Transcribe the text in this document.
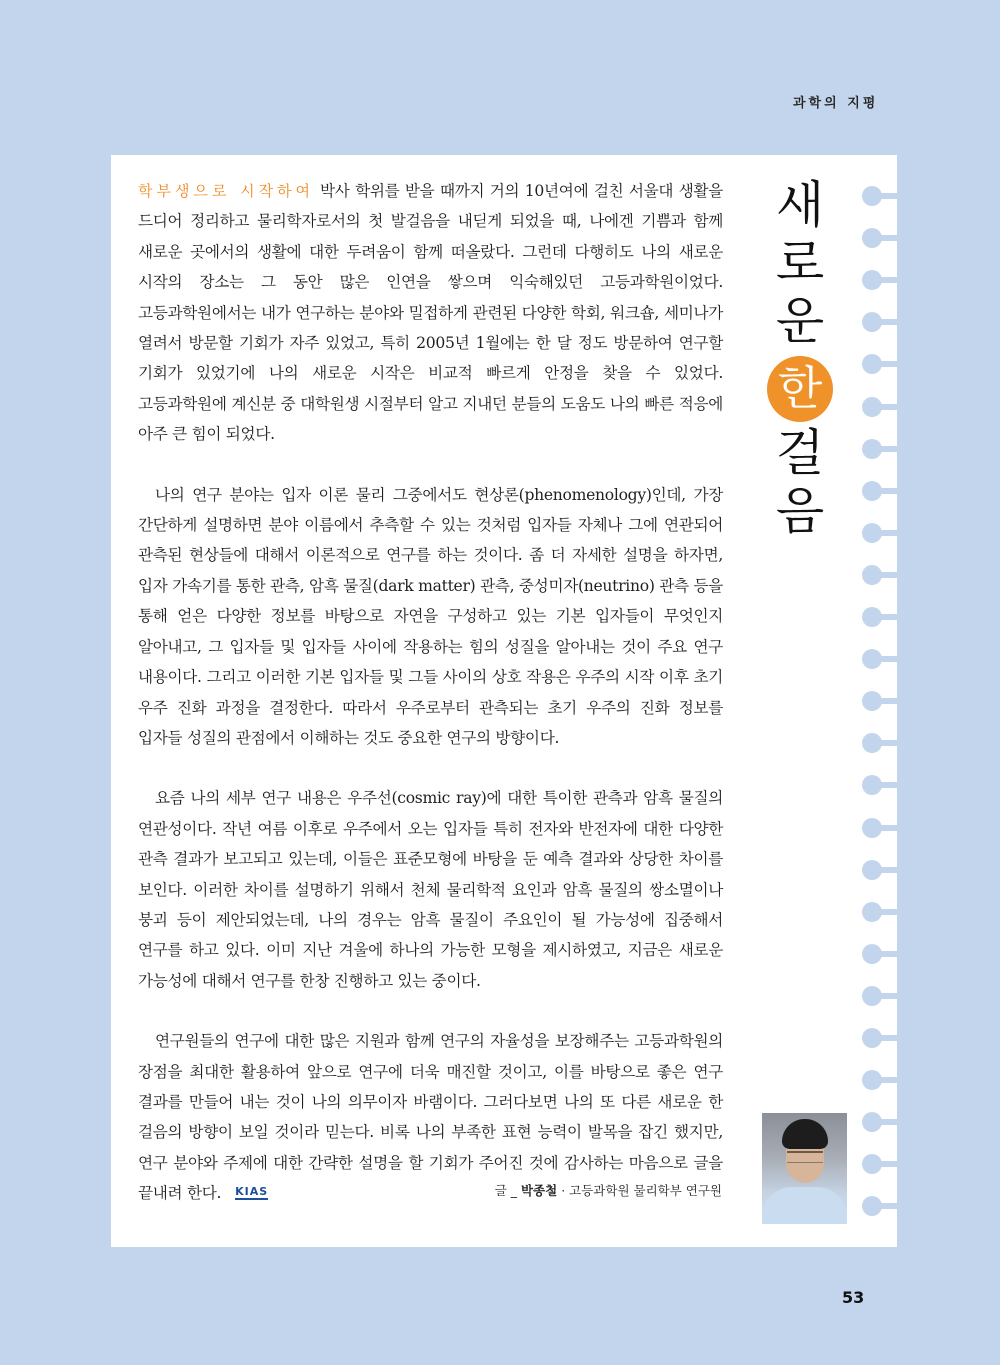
과학의 지평

학부생으로 시작하여 박사 학위를 받을 때까지 거의 10년여에 걸친 서울대 생활을 드디어 정리하고 물리학자로서의 첫 발걸음을 내딛게 되었을 때, 나에겐 기쁨과 함께 새로운 곳에서의 생활에 대한 두려움이 함께 떠올랐다. 그런데 다행히도 나의 새로운 시작의 장소는 그 동안 많은 인연을 쌓으며 익숙해있던 고등과학원이었다. 고등과학원에서는 내가 연구하는 분야와 밀접하게 관련된 다양한 학회, 워크숍, 세미나가 열려서 방문할 기회가 자주 있었고, 특히 2005년 1월에는 한 달 정도 방문하여 연구할 기회가 있었기에 나의 새로운 시작은 비교적 빠르게 안정을 찾을 수 있었다. 고등과학원에 계신분 중 대학원생 시절부터 알고 지내던 분들의 도움도 나의 빠른 적응에 아주 큰 힘이 되었다.

나의 연구 분야는 입자 이론 물리 그중에서도 현상론(phenomenology)인데, 가장 간단하게 설명하면 분야 이름에서 추측할 수 있는 것처럼 입자들 자체나 그에 연관되어 관측된 현상들에 대해서 이론적으로 연구를 하는 것이다. 좀 더 자세한 설명을 하자면, 입자 가속기를 통한 관측, 암흑 물질(dark matter) 관측, 중성미자(neutrino) 관측 등을 통해 얻은 다양한 정보를 바탕으로 자연을 구성하고 있는 기본 입자들이 무엇인지 알아내고, 그 입자들 및 입자들 사이에 작용하는 힘의 성질을 알아내는 것이 주요 연구 내용이다. 그리고 이러한 기본 입자들 및 그들 사이의 상호 작용은 우주의 시작 이후 초기 우주 진화 과정을 결정한다. 따라서 우주로부터 관측되는 초기 우주의 진화 정보를 입자들 성질의 관점에서 이해하는 것도 중요한 연구의 방향이다.

요즘 나의 세부 연구 내용은 우주선(cosmic ray)에 대한 특이한 관측과 암흑 물질의 연관성이다. 작년 여름 이후로 우주에서 오는 입자들 특히 전자와 반전자에 대한 다양한 관측 결과가 보고되고 있는데, 이들은 표준모형에 바탕을 둔 예측 결과와 상당한 차이를 보인다. 이러한 차이를 설명하기 위해서 천체 물리학적 요인과 암흑 물질의 쌍소멸이나 붕괴 등이 제안되었는데, 나의 경우는 암흑 물질이 주요인이 될 가능성에 집중해서 연구를 하고 있다. 이미 지난 겨울에 하나의 가능한 모형을 제시하였고, 지금은 새로운 가능성에 대해서 연구를 한창 진행하고 있는 중이다.

연구원들의 연구에 대한 많은 지원과 함께 연구의 자율성을 보장해주는 고등과학원의 장점을 최대한 활용하여 앞으로 연구에 더욱 매진할 것이고, 이를 바탕으로 좋은 연구 결과를 만들어 내는 것이 나의 의무이자 바램이다. 그러다보면 나의 또 다른 새로운 한 걸음의 방향이 보일 것이라 믿는다. 비록 나의 부족한 표현 능력이 발목을 잡긴 했지만, 연구 분야와 주제에 대한 간략한 설명을 할 기회가 주어진 것에 감사하는 마음으로 글을 끝내려 한다. KIAS	글 _ 박종철 · 고등과학원 물리학부 연구원
새
로
운
한
걸
음
53
